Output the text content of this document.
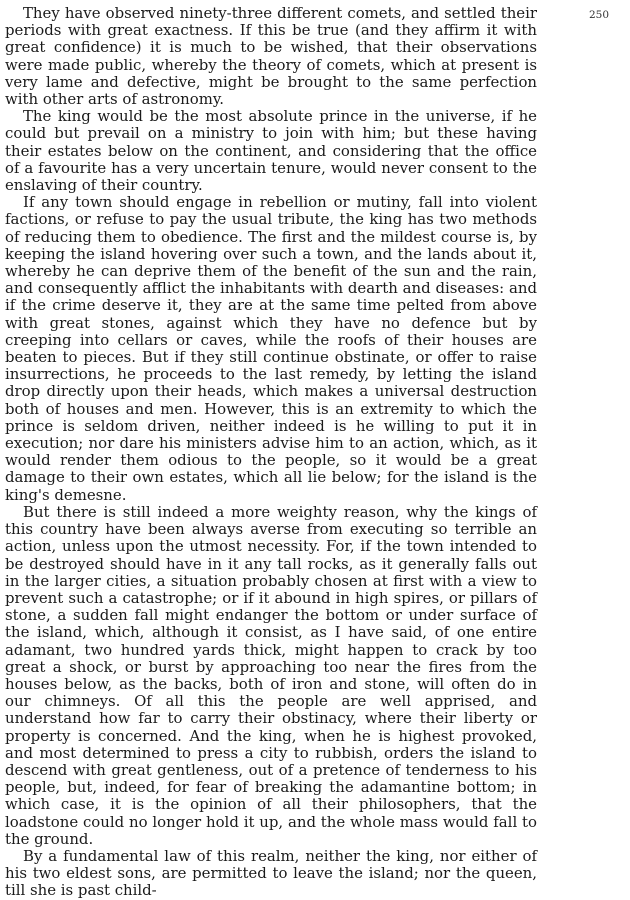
They have observed ninety-three different comets, and settled their periods with great exactness. If this be true (and they affirm it with great confidence) it is much to be wished, that their observations were made public, whereby the theory of comets, which at present is very lame and defective, might be brought to the same perfection with other arts of astronomy.

The king would be the most absolute prince in the universe, if he could but prevail on a ministry to join with him; but these having their estates below on the continent, and considering that the office of a favourite has a very uncertain tenure, would never consent to the enslaving of their country.

If any town should engage in rebellion or mutiny, fall into violent factions, or refuse to pay the usual tribute, the king has two methods of reducing them to obedience. The first and the mildest course is, by keeping the island hovering over such a town, and the lands about it, whereby he can deprive them of the benefit of the sun and the rain, and consequently afflict the inhabitants with dearth and diseases: and if the crime deserve it, they are at the same time pelted from above with great stones, against which they have no defence but by creeping into cellars or caves, while the roofs of their houses are beaten to pieces. But if they still continue obstinate, or offer to raise insurrections, he proceeds to the last remedy, by letting the island drop directly upon their heads, which makes a universal destruction both of houses and men. However, this is an extremity to which the prince is seldom driven, neither indeed is he willing to put it in execution; nor dare his ministers advise him to an action, which, as it would render them odious to the people, so it would be a great damage to their own estates, which all lie below; for the island is the king's demesne.

But there is still indeed a more weighty reason, why the kings of this country have been always averse from executing so terrible an action, unless upon the utmost necessity. For, if the town intended to be destroyed should have in it any tall rocks, as it generally falls out in the larger cities, a situation probably chosen at first with a view to prevent such a catastrophe; or if it abound in high spires, or pillars of stone, a sudden fall might endanger the bottom or under surface of the island, which, although it consist, as I have said, of one entire adamant, two hundred yards thick, might happen to crack by too great a shock, or burst by approaching too near the fires from the houses below, as the backs, both of iron and stone, will often do in our chimneys. Of all this the people are well apprised, and understand how far to carry their obstinacy, where their liberty or property is concerned. And the king, when he is highest provoked, and most determined to press a city to rubbish, orders the island to descend with great gentleness, out of a pretence of tenderness to his people, but, indeed, for fear of breaking the adamantine bottom; in which case, it is the opinion of all their philosophers, that the loadstone could no longer hold it up, and the whole mass would fall to the ground.

By a fundamental law of this realm, neither the king, nor either of his two eldest sons, are permitted to leave the island; nor the queen, till she is past child-

250
